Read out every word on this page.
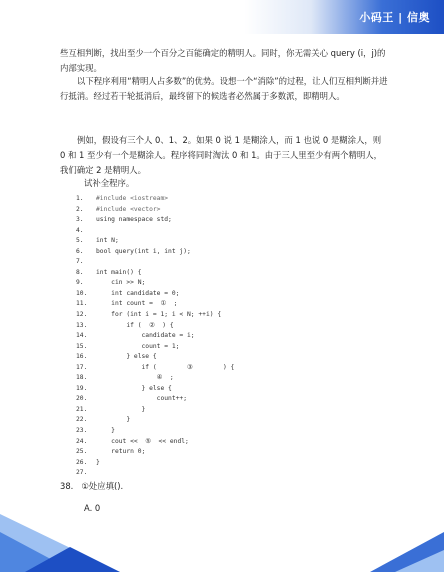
小码王 | 信奥
些互相判断，找出至少一个百分之百能确定的精明人。同时，你无需关心 query (i，j)的内部实现。
以下程序利用“精明人占多数”的优势。设想一个“消除”的过程，让人们互相判断并进行抵消。经过若干轮抵消后，最终留下的候选者必然属于多数派，即精明人。
例如，假设有三个人 0、1、2。如果 0 说 1 是糊涂人，而 1 也说 0 是糊涂人，则 0 和 1 至少有一个是糊涂人。程序将同时淘汰 0 和 1。由于三人里至少有两个精明人，我们确定 2 是精明人。
试补全程序。
1. #include <iostream>
2. #include <vector>
3. using namespace std;
4.
5. int N;
6. bool query(int i, int j);
7.
8. int main() {
9.    cin >> N;
10.    int candidate = 0;
11.    int count =  ①  ;
12.    for (int i = 1; i < N; ++i) {
13.        if (  ②  ) {
14.            candidate = i;
15.            count = 1;
16.        } else {
17.            if (        ③        ) {
18.                ④  ;
19.            } else {
20.                count++;
21.            }
22.        }
23.    }
24.    cout <<  ⑤  << endl;
25.    return 0;
26. }
27.
38. ①处应填().
A. 0
